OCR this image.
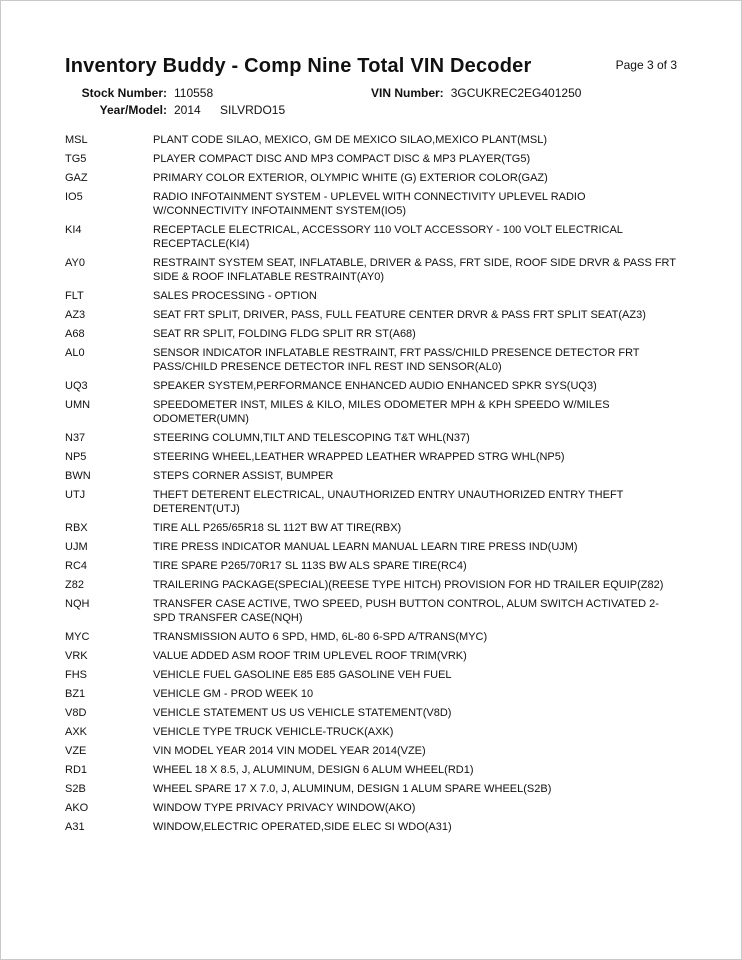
Inventory Buddy - Comp Nine Total VIN Decoder	Page 3 of 3
Stock Number: 110558	VIN Number: 3GCUKREC2EG401250
Year/Model: 2014 SILVRDO15
MSL	PLANT CODE SILAO, MEXICO, GM DE MEXICO SILAO,MEXICO PLANT(MSL)
TG5	PLAYER COMPACT DISC AND MP3 COMPACT DISC & MP3 PLAYER(TG5)
GAZ	PRIMARY COLOR EXTERIOR, OLYMPIC WHITE (G) EXTERIOR COLOR(GAZ)
IO5	RADIO INFOTAINMENT SYSTEM - UPLEVEL WITH CONNECTIVITY UPLEVEL RADIO W/CONNECTIVITY INFOTAINMENT SYSTEM(IO5)
KI4	RECEPTACLE ELECTRICAL, ACCESSORY 110 VOLT ACCESSORY - 100 VOLT ELECTRICAL RECEPTACLE(KI4)
AY0	RESTRAINT SYSTEM SEAT, INFLATABLE, DRIVER & PASS, FRT SIDE, ROOF SIDE DRVR & PASS FRT SIDE & ROOF INFLATABLE RESTRAINT(AY0)
FLT	SALES PROCESSING - OPTION
AZ3	SEAT FRT SPLIT, DRIVER, PASS, FULL FEATURE CENTER DRVR & PASS FRT SPLIT SEAT(AZ3)
A68	SEAT RR SPLIT, FOLDING FLDG SPLIT RR ST(A68)
AL0	SENSOR INDICATOR INFLATABLE RESTRAINT, FRT PASS/CHILD PRESENCE DETECTOR FRT PASS/CHILD PRESENCE DETECTOR INFL REST IND SENSOR(AL0)
UQ3	SPEAKER SYSTEM,PERFORMANCE ENHANCED AUDIO ENHANCED SPKR SYS(UQ3)
UMN	SPEEDOMETER INST, MILES & KILO, MILES ODOMETER MPH & KPH SPEEDO W/MILES ODOMETER(UMN)
N37	STEERING COLUMN,TILT AND TELESCOPING T&T WHL(N37)
NP5	STEERING WHEEL,LEATHER WRAPPED LEATHER WRAPPED STRG WHL(NP5)
BWN	STEPS CORNER ASSIST, BUMPER
UTJ	THEFT DETERENT ELECTRICAL, UNAUTHORIZED ENTRY UNAUTHORIZED ENTRY THEFT DETERENT(UTJ)
RBX	TIRE ALL P265/65R18 SL 112T BW AT TIRE(RBX)
UJM	TIRE PRESS INDICATOR MANUAL LEARN MANUAL LEARN TIRE PRESS IND(UJM)
RC4	TIRE SPARE P265/70R17 SL 113S BW ALS SPARE TIRE(RC4)
Z82	TRAILERING PACKAGE(SPECIAL)(REESE TYPE HITCH) PROVISION FOR HD TRAILER EQUIP(Z82)
NQH	TRANSFER CASE ACTIVE, TWO SPEED, PUSH BUTTON CONTROL, ALUM SWITCH ACTIVATED 2-SPD TRANSFER CASE(NQH)
MYC	TRANSMISSION AUTO 6 SPD, HMD, 6L-80 6-SPD A/TRANS(MYC)
VRK	VALUE ADDED ASM ROOF TRIM UPLEVEL ROOF TRIM(VRK)
FHS	VEHICLE FUEL GASOLINE E85 E85 GASOLINE VEH FUEL
BZ1	VEHICLE GM - PROD WEEK 10
V8D	VEHICLE STATEMENT US US VEHICLE STATEMENT(V8D)
AXK	VEHICLE TYPE TRUCK VEHICLE-TRUCK(AXK)
VZE	VIN MODEL YEAR 2014 VIN MODEL YEAR 2014(VZE)
RD1	WHEEL 18 X 8.5, J, ALUMINUM, DESIGN 6 ALUM WHEEL(RD1)
S2B	WHEEL SPARE 17 X 7.0, J, ALUMINUM, DESIGN 1 ALUM SPARE WHEEL(S2B)
AKO	WINDOW TYPE PRIVACY PRIVACY WINDOW(AKO)
A31	WINDOW,ELECTRIC OPERATED,SIDE ELEC SI WDO(A31)
